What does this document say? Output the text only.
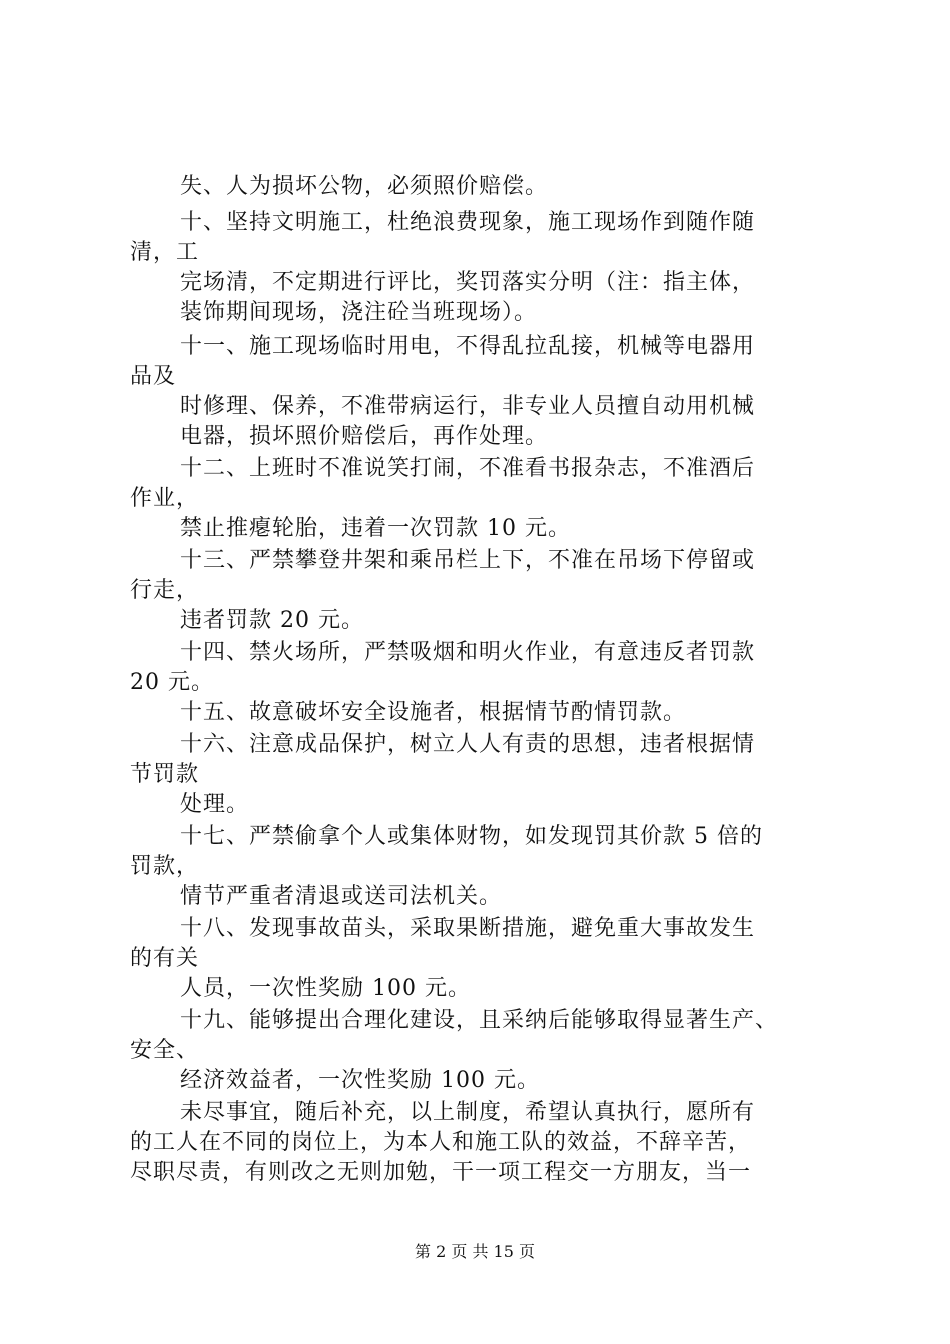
失、人为损坏公物，必须照价赔偿。
十、坚持文明施工，杜绝浪费现象，施工现场作到随作随
清，工
完场清，不定期进行评比，奖罚落实分明（注：指主体，
装饰期间现场，浇注砼当班现场）。
十一、施工现场临时用电，不得乱拉乱接，机械等电器用
品及
时修理、保养，不准带病运行，非专业人员擅自动用机械
电器，损坏照价赔偿后，再作处理。
十二、上班时不准说笑打闹，不准看书报杂志，不准酒后
作业，
禁止推瘪轮胎，违着一次罚款 10 元。
十三、严禁攀登井架和乘吊栏上下，不准在吊场下停留或
行走，
违者罚款 20 元。
十四、禁火场所，严禁吸烟和明火作业，有意违反者罚款
20 元。
十五、故意破坏安全设施者，根据情节酌情罚款。
十六、注意成品保护，树立人人有责的思想，违者根据情
节罚款
处理。
十七、严禁偷拿个人或集体财物，如发现罚其价款 5 倍的
罚款，
情节严重者清退或送司法机关。
十八、发现事故苗头，采取果断措施，避免重大事故发生
的有关
人员，一次性奖励 100 元。
十九、能够提出合理化建设，且采纳后能够取得显著生产、
安全、
经济效益者，一次性奖励 100 元。
未尽事宜，随后补充，以上制度，希望认真执行，愿所有
的工人在不同的岗位上，为本人和施工队的效益，不辞辛苦，
尽职尽责，有则改之无则加勉，干一项工程交一方朋友，当一
第 2 页 共 15 页
